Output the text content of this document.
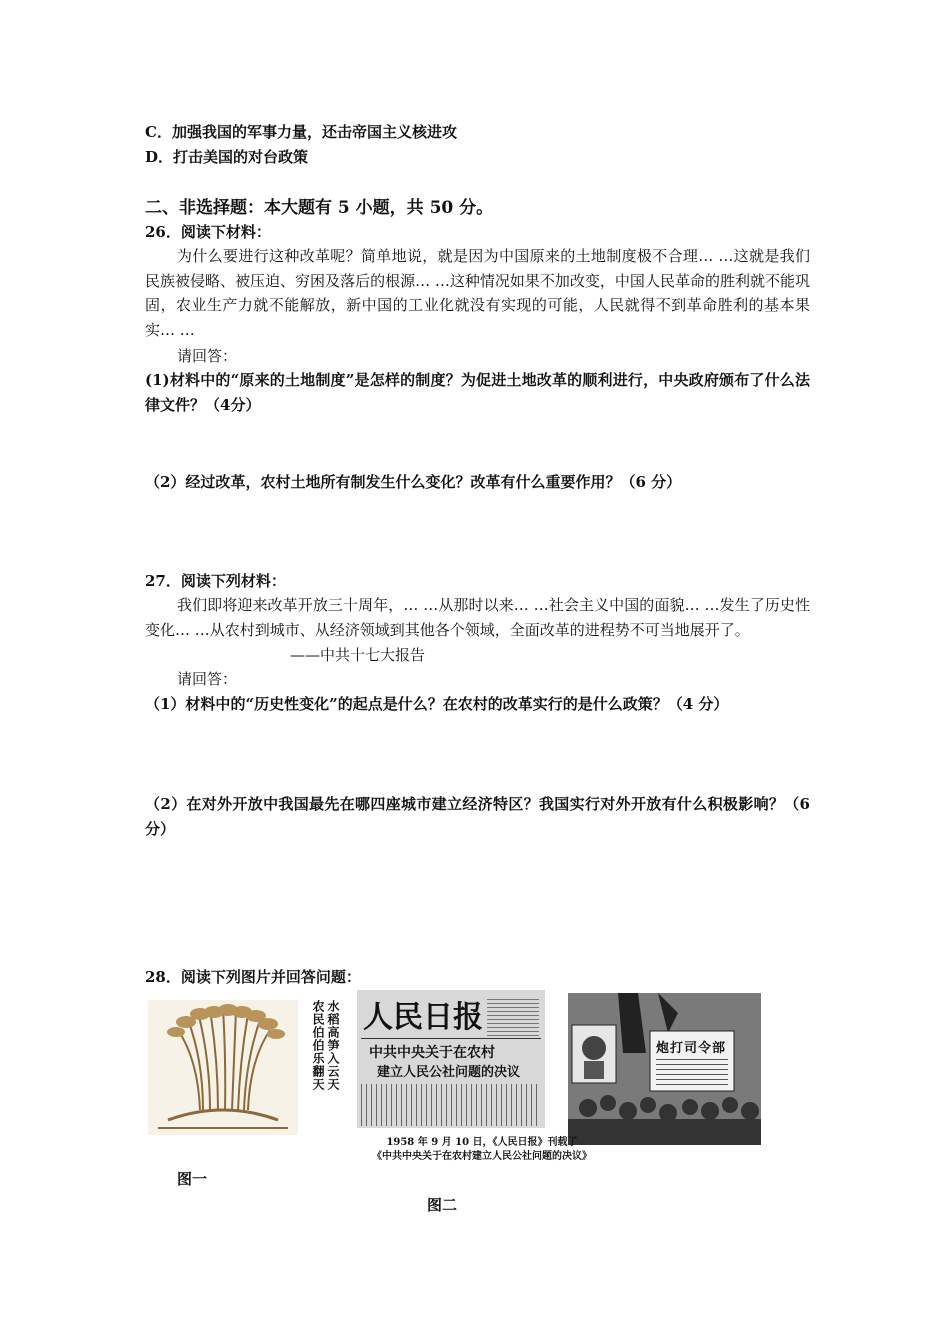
C．加强我国的军事力量，还击帝国主义核进攻
D．打击美国的对台政策
二、非选择题：本大题有 5 小题，共 50 分。
26．阅读下材料：
为什么要进行这种改革呢？简单地说，就是因为中国原来的土地制度极不合理… …这就是我们民族被侵略、被压迫、穷困及落后的根源… …这种情况如果不加改变，中国人民革命的胜利就不能巩固，农业生产力就不能解放，新中国的工业化就没有实现的可能，人民就得不到革命胜利的基本果实… …
请回答：
(1)材料中的“原来的土地制度”是怎样的制度？为促进土地改革的顺利进行，中央政府颁布了什么法律文件？（4分）
（2）经过改革，农村土地所有制发生什么变化？改革有什么重要作用？（6 分）
27．阅读下列材料：
我们即将迎来改革开放三十周年，… …从那时以来… …社会主义中国的面貌… …发生了历史性变化… …从农村到城市、从经济领域到其他各个领域，全面改革的进程势不可当地展开了。
——中共十七大报告
请回答：
（1）材料中的“历史性变化”的起点是什么？在农村的改革实行的是什么政策？（4 分）
（2）在对外开放中我国最先在哪四座城市建立经济特区？我国实行对外开放有什么积极影响？（6 分）
28．阅读下列图片并回答问题：
水稻高笋入云天
农民伯伯乐翻天 人民日报
中共中央关于在农村
建立人民公社问题的决议
炮打司令部
1958 年 9 月 10 日，《人民日报》刊载了
《中共中央关于在农村建立人民公社问题的决议》
图一
图二
